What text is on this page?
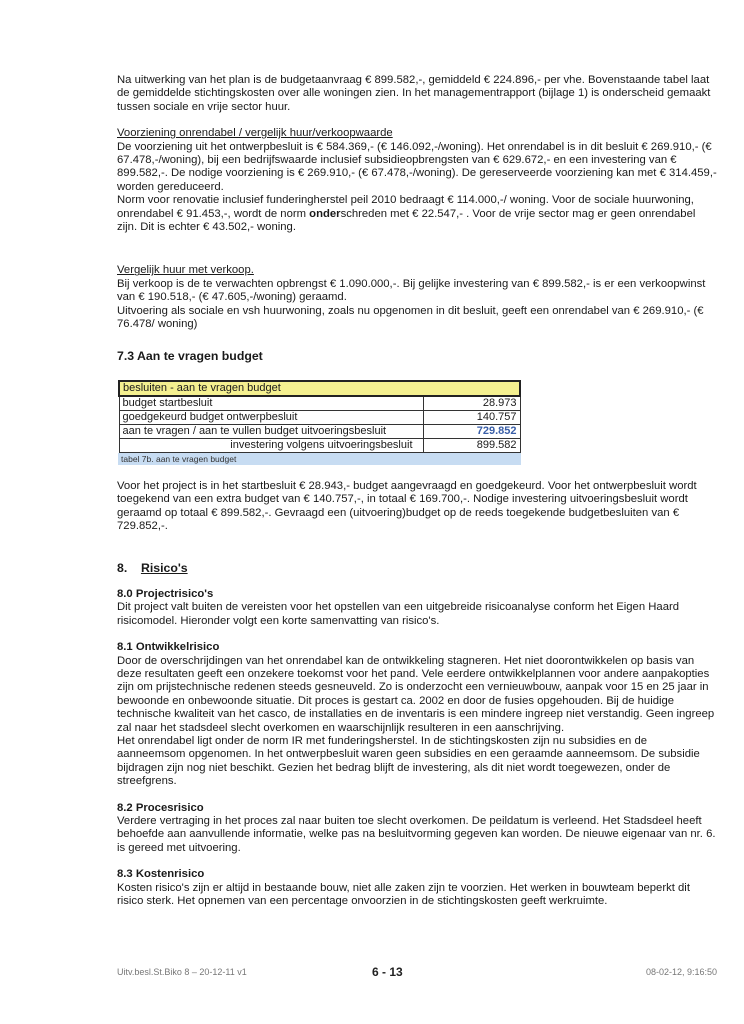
Na uitwerking van het plan is de budgetaanvraag € 899.582,-, gemiddeld € 224.896,- per vhe. Bovenstaande tabel laat de gemiddelde stichtingskosten over alle woningen zien. In het managementrapport (bijlage 1) is onderscheid gemaakt tussen sociale en vrije sector huur.

Voorziening onrendabel / vergelijk huur/verkoopwaarde

De voorziening uit het ontwerpbesluit is € 584.369,- (€ 146.092,-/woning). Het onrendabel is in dit besluit € 269.910,- (€ 67.478,-/woning), bij een bedrijfswaarde inclusief subsidieopbrengsten van € 629.672,- en een investering van € 899.582,-. De nodige voorziening is € 269.910,- (€ 67.478,-/woning). De gereserveerde voorziening kan met € 314.459,-worden gereduceerd.

Norm voor renovatie inclusief funderingherstel peil 2010 bedraagt € 114.000,-/ woning. Voor de sociale huurwoning, onrendabel € 91.453,-, wordt de norm onderschreden met € 22.547,- . Voor de vrije sector mag er geen onrendabel zijn. Dit is echter € 43.502,- woning.

Vergelijk huur met verkoop.

Bij verkoop is de te verwachten opbrengst € 1.090.000,-. Bij gelijke investering van € 899.582,- is er een verkoopwinst van € 190.518,- (€ 47.605,-/woning) geraamd.

Uitvoering als sociale en vsh huurwoning, zoals nu opgenomen in dit besluit, geeft een onrendabel van € 269.910,- (€ 76.478/ woning)

7.3 Aan te vragen budget

besluiten - aan te vragen budget	
budget startbesluit	28.973
goedgekeurd budget ontwerpbesluit	140.757
aan te vragen / aan te vullen budget uitvoeringsbesluit	729.852
investering volgens uitvoeringsbesluit	899.582
tabel 7b. aan te vragen budget

Voor het project is in het startbesluit € 28.943,- budget aangevraagd en goedgekeurd. Voor het ontwerpbesluit wordt toegekend van een extra budget van € 140.757,-, in totaal € 169.700,-. Nodige investering uitvoeringsbesluit wordt geraamd op totaal € 899.582,-. Gevraagd een (uitvoering)budget op de reeds toegekende budgetbesluiten van € 729.852,-.

8. Risico's

8.0 Projectrisico's

Dit project valt buiten de vereisten voor het opstellen van een uitgebreide risicoanalyse conform het Eigen Haard risicomodel. Hieronder volgt een korte samenvatting van risico's.

8.1 Ontwikkelrisico

Door de overschrijdingen van het onrendabel kan de ontwikkeling stagneren. Het niet doorontwikkelen op basis van deze resultaten geeft een onzekere toekomst voor het pand. Vele eerdere ontwikkelplannen voor andere aanpakopties zijn om prijstechnische redenen steeds gesneuveld. Zo is onderzocht een vernieuwbouw, aanpak voor 15 en 25 jaar in bewoonde en onbewoonde situatie. Dit proces is gestart ca. 2002 en door de fusies opgehouden. Bij de huidige technische kwaliteit van het casco, de installaties en de inventaris is een mindere ingreep niet verstandig. Geen ingreep zal naar het stadsdeel slecht overkomen en waarschijnlijk resulteren in een aanschrijving.

Het onrendabel ligt onder de norm IR met funderingsherstel. In de stichtingskosten zijn nu subsidies en de aanneemsom opgenomen. In het ontwerpbesluit waren geen subsidies en een geraamde aanneemsom. De subsidie bijdragen zijn nog niet beschikt. Gezien het bedrag blijft de investering, als dit niet wordt toegewezen, onder de streefgrens.

8.2 Procesrisico

Verdere vertraging in het proces zal naar buiten toe slecht overkomen. De peildatum is verleend. Het Stadsdeel heeft behoefde aan aanvullende informatie, welke pas na besluitvorming gegeven kan worden. De nieuwe eigenaar van nr. 6. is gereed met uitvoering.

8.3 Kostenrisico

Kosten risico's zijn er altijd in bestaande bouw, niet alle zaken zijn te voorzien. Het werken in bouwteam beperkt dit risico sterk. Het opnemen van een percentage onvoorzien in de stichtingskosten geeft werkruimte.

Uitv.besl.St.Biko 8 – 20-12-11 v1	6 - 13	08-02-12, 9:16:50
